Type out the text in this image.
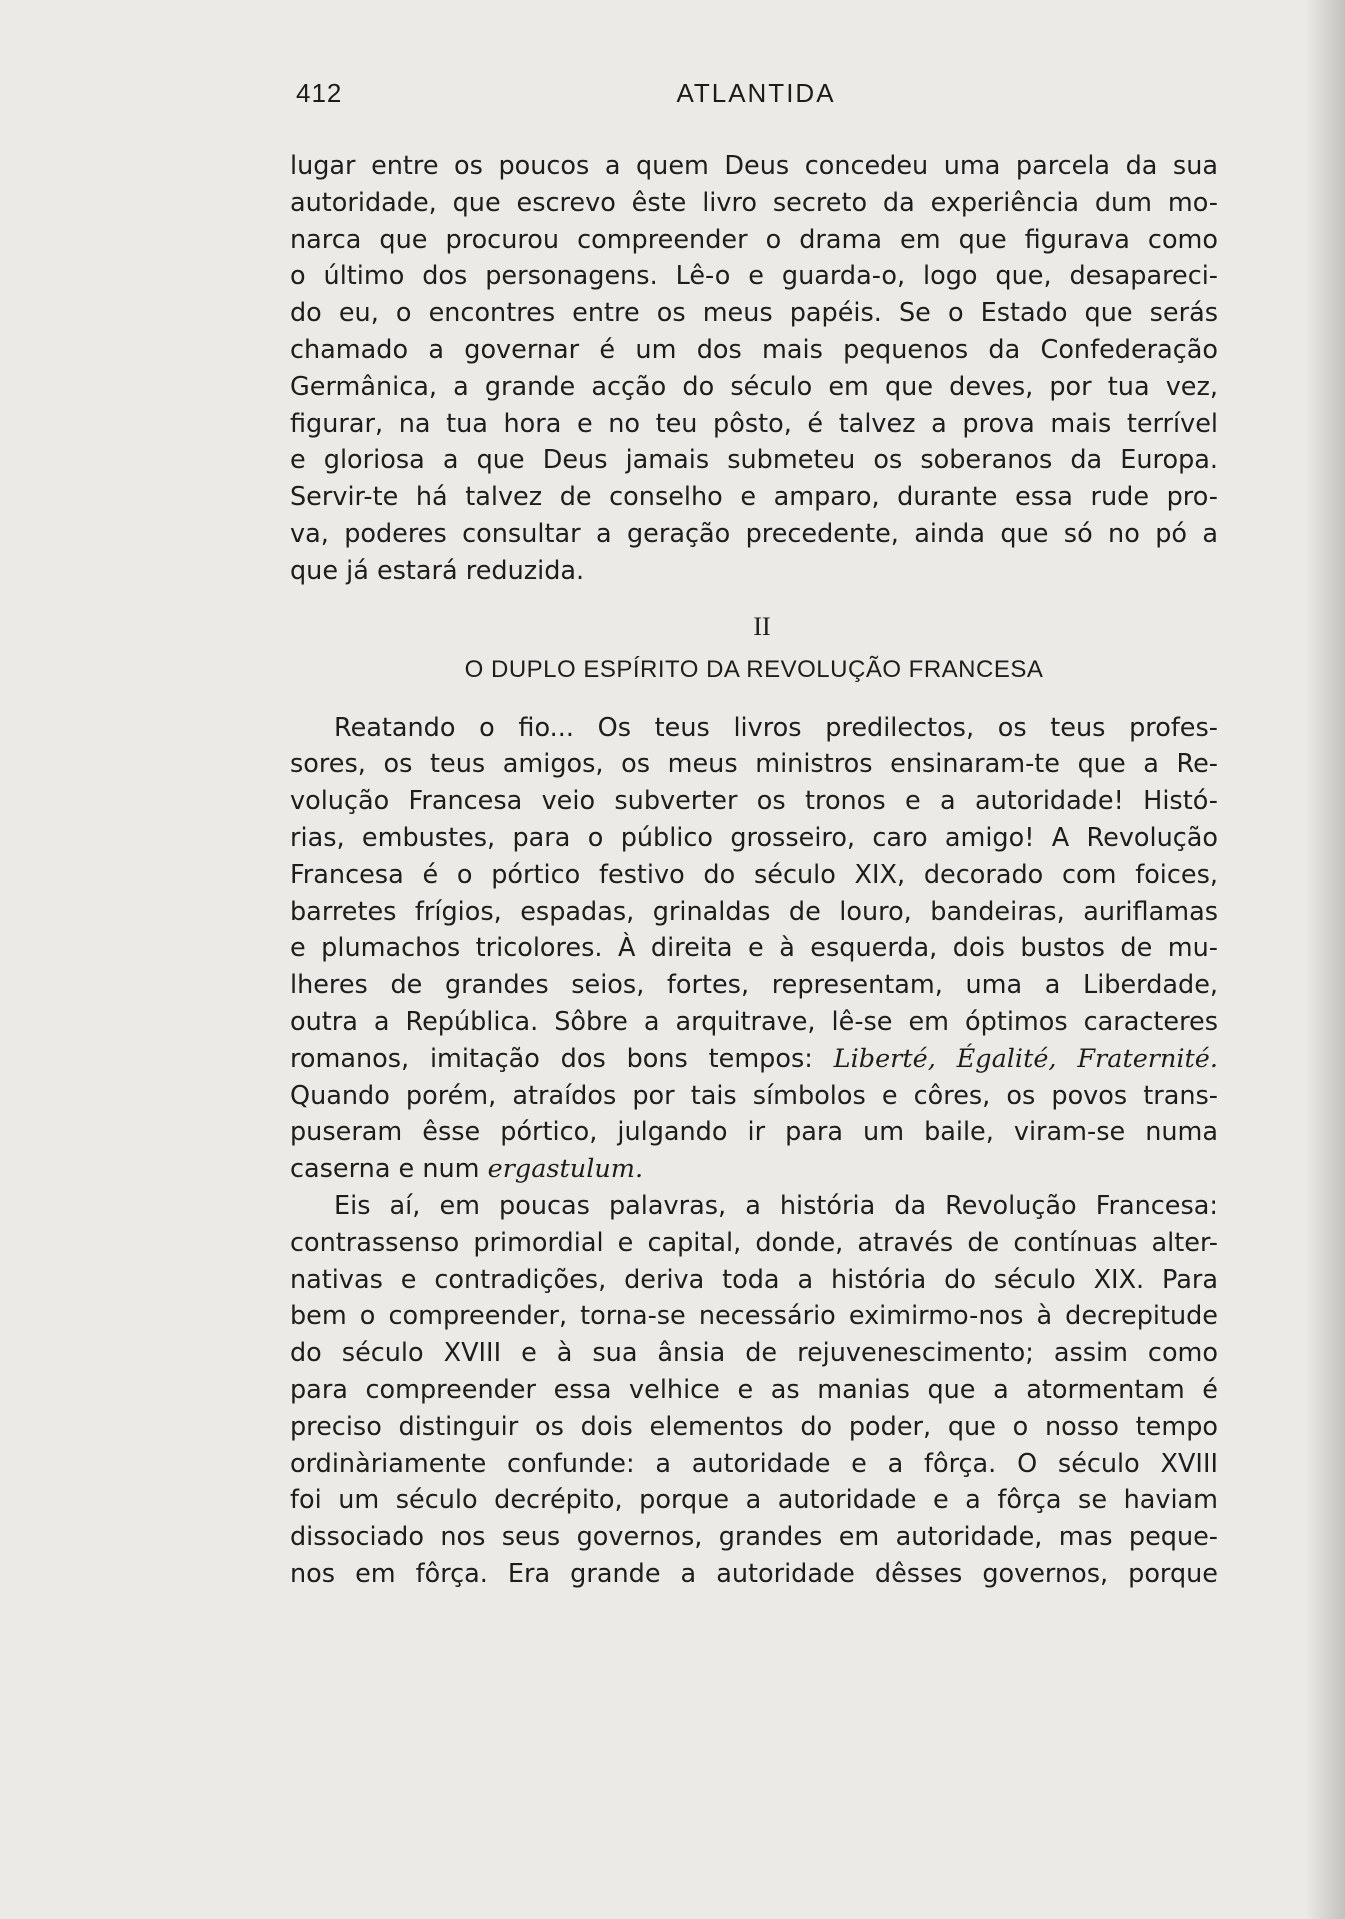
412	ATLANTIDA
lugar entre os poucos a quem Deus concedeu uma parcela da sua
autoridade, que escrevo êste livro secreto da experiência dum mo-
narca que procurou compreender o drama em que figurava como
o último dos personagens. Lê-o e guarda-o, logo que, desapareci-
do eu, o encontres entre os meus papéis. Se o Estado que serás
chamado a governar é um dos mais pequenos da Confederação
Germânica, a grande acção do século em que deves, por tua vez,
figurar, na tua hora e no teu pôsto, é talvez a prova mais terrível
e gloriosa a que Deus jamais submeteu os soberanos da Europa.
Servir-te há talvez de conselho e amparo, durante essa rude pro-
va, poderes consultar a geração precedente, ainda que só no pó a
que já estará reduzida.
II
O DUPLO ESPÍRITO DA REVOLUÇÃO FRANCESA
Reatando o fio... Os teus livros predilectos, os teus profes-
sores, os teus amigos, os meus ministros ensinaram-te que a Re-
volução Francesa veio subverter os tronos e a autoridade! Histó-
rias, embustes, para o público grosseiro, caro amigo! A Revolução
Francesa é o pórtico festivo do século XIX, decorado com foices,
barretes frígios, espadas, grinaldas de louro, bandeiras, auriflamas
e plumachos tricolores. À direita e à esquerda, dois bustos de mu-
lheres de grandes seios, fortes, representam, uma a Liberdade,
outra a República. Sôbre a arquitrave, lê-se em óptimos caracteres
romanos, imitação dos bons tempos: Liberté, Égalité, Fraternité.
Quando porém, atraídos por tais símbolos e côres, os povos trans-
puseram êsse pórtico, julgando ir para um baile, viram-se numa
caserna e num ergastulum.
Eis aí, em poucas palavras, a história da Revolução Francesa:
contrassenso primordial e capital, donde, através de contínuas alter-
nativas e contradições, deriva toda a história do século XIX. Para
bem o compreender, torna-se necessário eximirmo-nos à decrepitude
do século XVIII e à sua ânsia de rejuvenescimento; assim como
para compreender essa velhice e as manias que a atormentam é
preciso distinguir os dois elementos do poder, que o nosso tempo
ordinàriamente confunde: a autoridade e a fôrça. O século XVIII
foi um século decrépito, porque a autoridade e a fôrça se haviam
dissociado nos seus governos, grandes em autoridade, mas peque-
nos em fôrça. Era grande a autoridade dêsses governos, porque
